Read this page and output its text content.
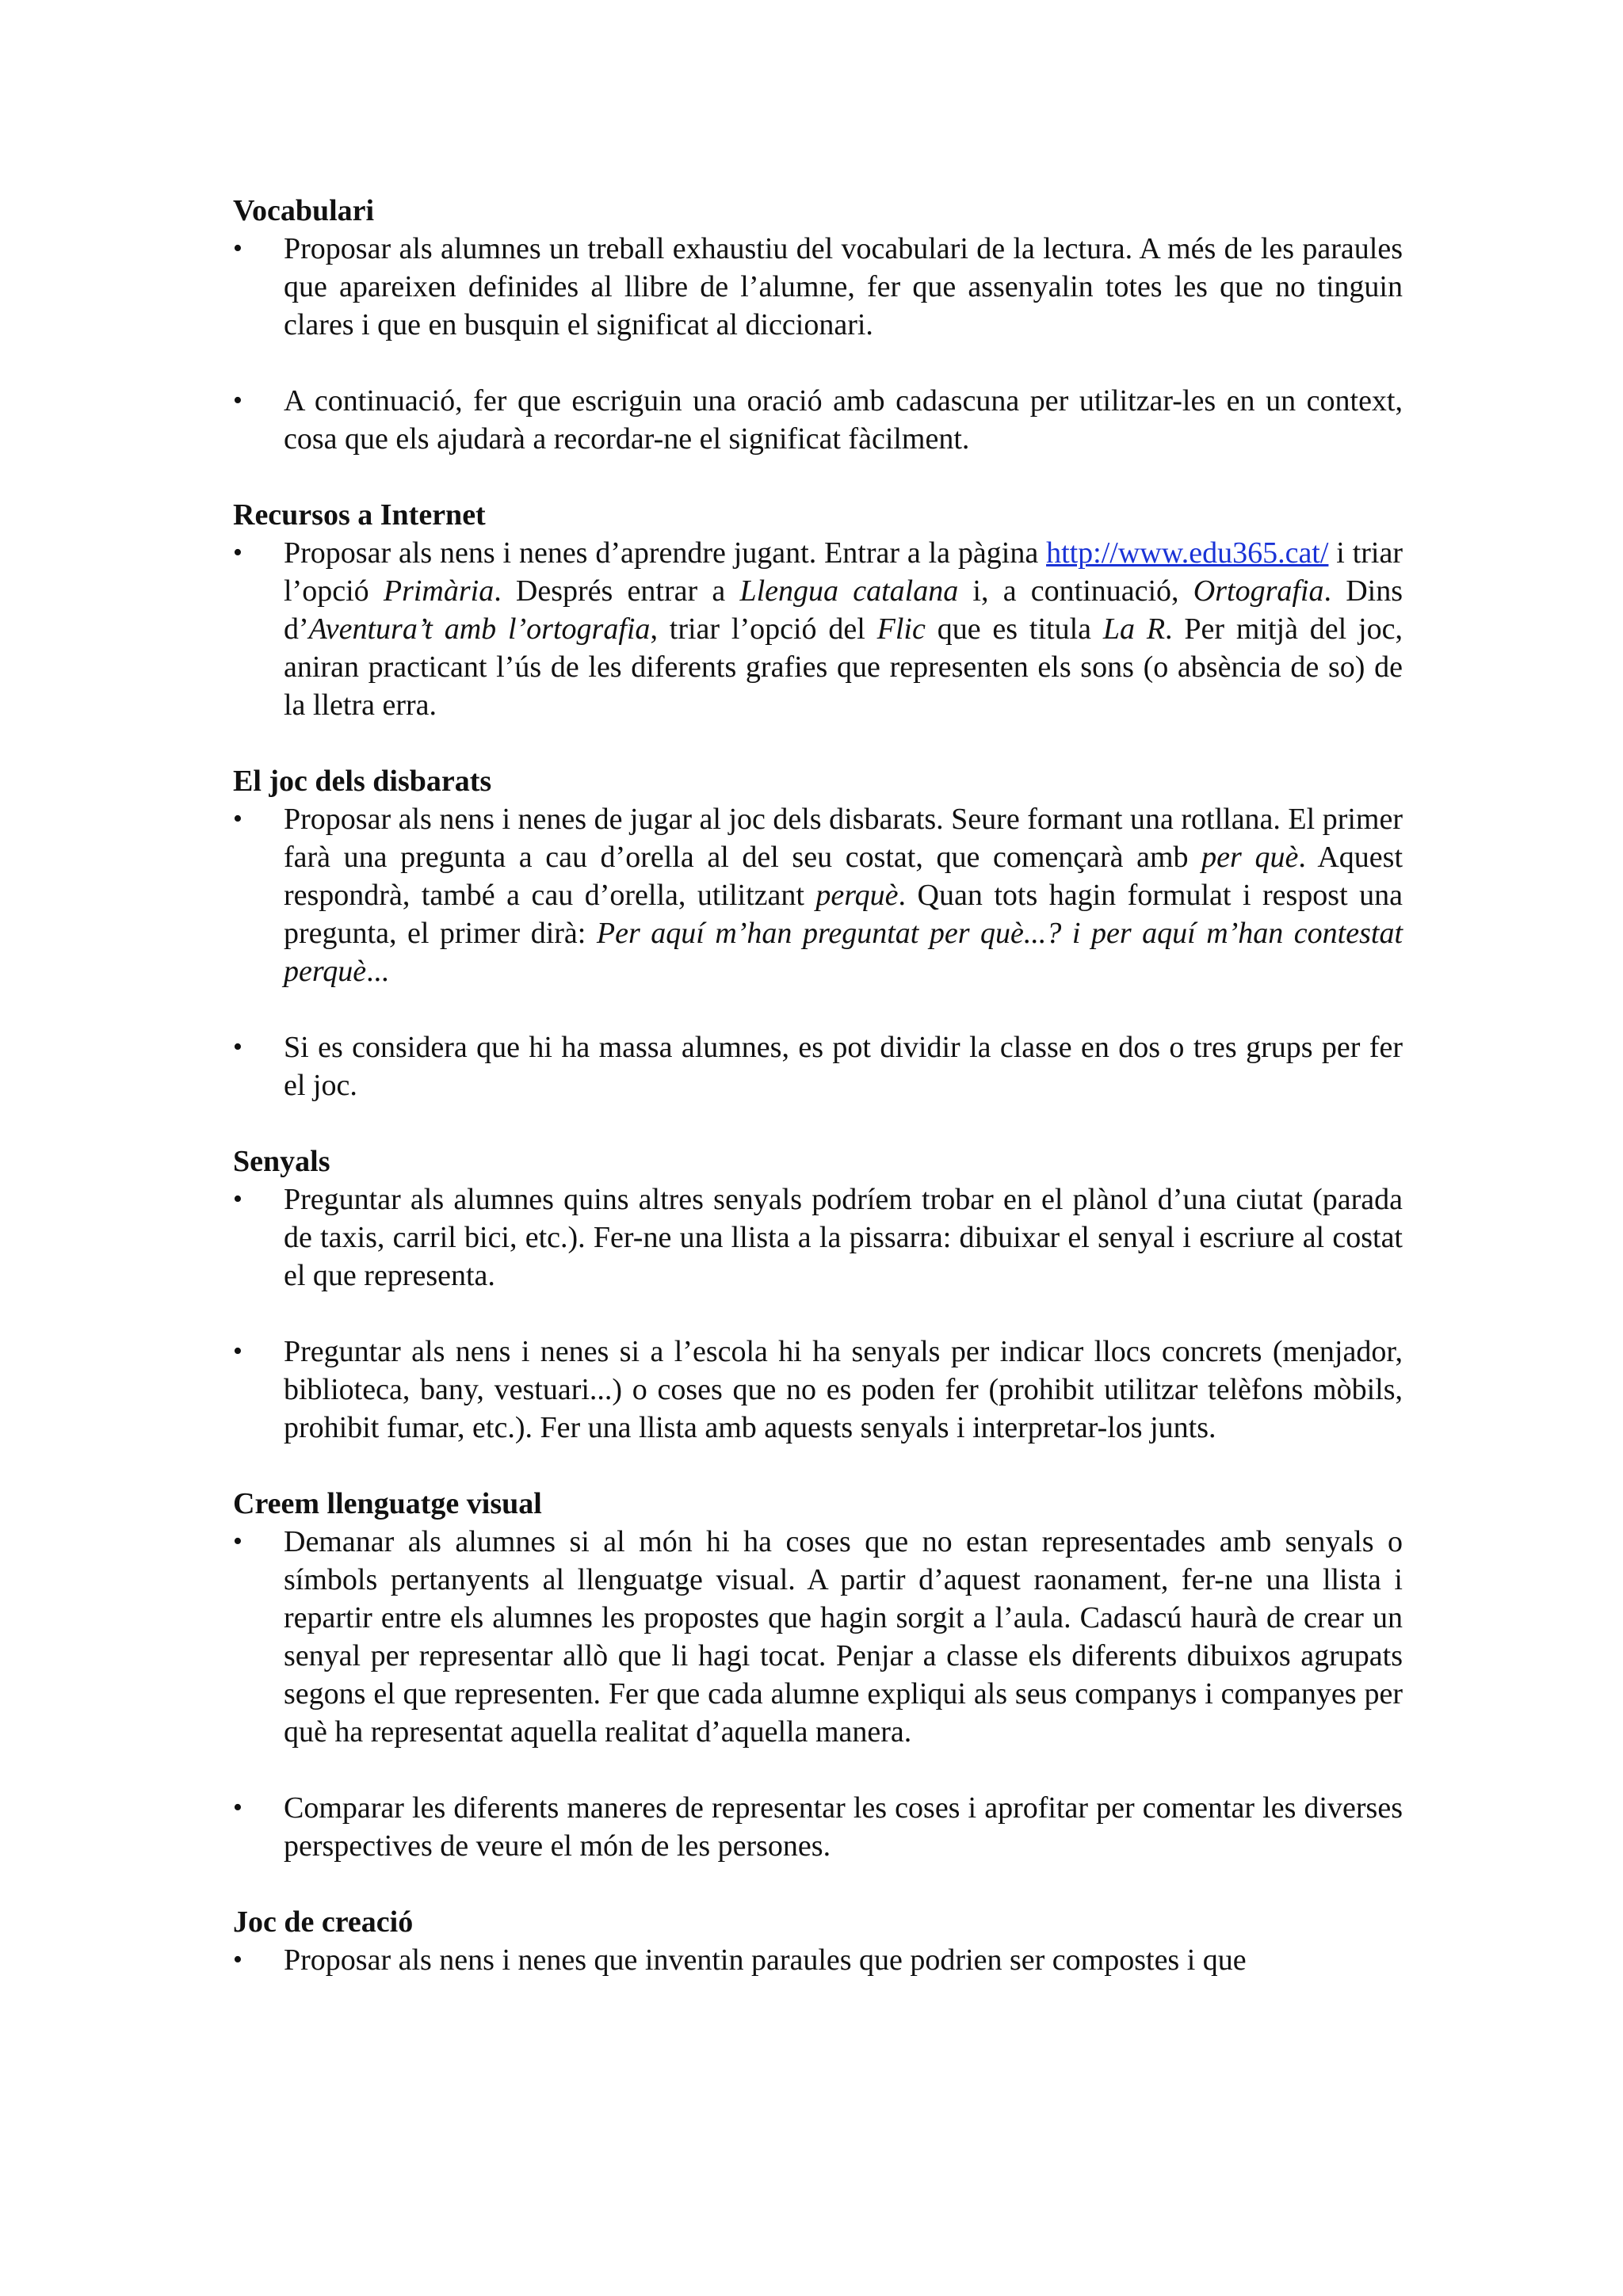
Vocabulari
• Proposar als alumnes un treball exhaustiu del vocabulari de la lectura. A més de les paraules que apareixen definides al llibre de l’alumne, fer que assenyalin totes les que no tinguin clares i que en busquin el significat al diccionari.
• A continuació, fer que escriguin una oració amb cadascuna per utilitzar-les en un context, cosa que els ajudarà a recordar-ne el significat fàcilment.
Recursos a Internet
• Proposar als nens i nenes d’aprendre jugant. Entrar a la pàgina http://www.edu365.cat/ i triar l’opció Primària. Després entrar a Llengua catalana i, a continuació, Ortografia. Dins d’Aventura’t amb l’ortografia, triar l’opció del Flic que es titula La R. Per mitjà del joc, aniran practicant l’ús de les diferents grafies que representen els sons (o absència de so) de la lletra erra.
El joc dels disbarats
• Proposar als nens i nenes de jugar al joc dels disbarats. Seure formant una rotllana. El primer farà una pregunta a cau d’orella al del seu costat, que començarà amb per què. Aquest respondrà, també a cau d’orella, utilitzant perquè. Quan tots hagin formulat i respost una pregunta, el primer dirà: Per aquí m’han preguntat per què...? i per aquí m’han contestat perquè...
• Si es considera que hi ha massa alumnes, es pot dividir la classe en dos o tres grups per fer el joc.
Senyals
• Preguntar als alumnes quins altres senyals podríem trobar en el plànol d’una ciutat (parada de taxis, carril bici, etc.). Fer-ne una llista a la pissarra: dibuixar el senyal i escriure al costat el que representa.
• Preguntar als nens i nenes si a l’escola hi ha senyals per indicar llocs concrets (menjador, biblioteca, bany, vestuari...) o coses que no es poden fer (prohibit utilitzar telèfons mòbils, prohibit fumar, etc.). Fer una llista amb aquests senyals i interpretar-los junts.
Creem llenguatge visual
• Demanar als alumnes si al món hi ha coses que no estan representades amb senyals o símbols pertanyents al llenguatge visual. A partir d’aquest raonament, fer-ne una llista i repartir entre els alumnes les propostes que hagin sorgit a l’aula. Cadascú haurà de crear un senyal per representar allò que li hagi tocat. Penjar a classe els diferents dibuixos agrupats segons el que representen. Fer que cada alumne expliqui als seus companys i companyes per què ha representat aquella realitat d’aquella manera.
• Comparar les diferents maneres de representar les coses i aprofitar per comentar les diverses perspectives de veure el món de les persones.
Joc de creació
• Proposar als nens i nenes que inventin paraules que podrien ser compostes i que
